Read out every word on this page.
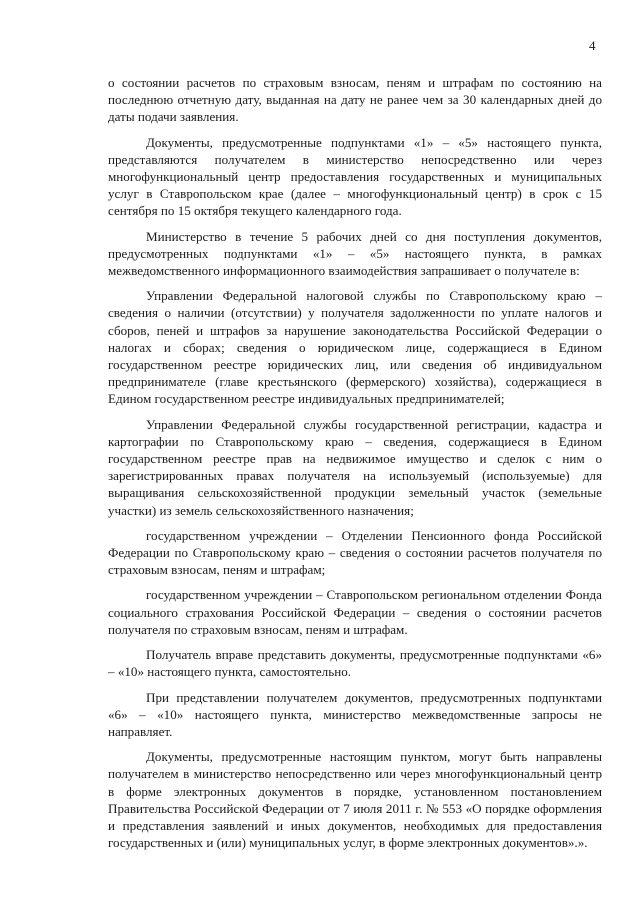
4

о состоянии расчетов по страховым взносам, пеням и штрафам по состоянию на последнюю отчетную дату, выданная на дату не ранее чем за 30 календарных дней до даты подачи заявления.

Документы, предусмотренные подпунктами «1» – «5» настоящего пункта, представляются получателем в министерство непосредственно или через многофункциональный центр предоставления государственных и муниципальных услуг в Ставропольском крае (далее – многофункциональный центр) в срок с 15 сентября по 15 октября текущего календарного года.

Министерство в течение 5 рабочих дней со дня поступления документов, предусмотренных подпунктами «1» – «5» настоящего пункта, в рамках межведомственного информационного взаимодействия запрашивает о получателе в:

Управлении Федеральной налоговой службы по Ставропольскому краю – сведения о наличии (отсутствии) у получателя задолженности по уплате налогов и сборов, пеней и штрафов за нарушение законодательства Российской Федерации о налогах и сборах; сведения о юридическом лице, содержащиеся в Едином государственном реестре юридических лиц, или сведения об индивидуальном предпринимателе (главе крестьянского (фермерского) хозяйства), содержащиеся в Едином государственном реестре индивидуальных предпринимателей;

Управлении Федеральной службы государственной регистрации, кадастра и картографии по Ставропольскому краю – сведения, содержащиеся в Едином государственном реестре прав на недвижимое имущество и сделок с ним о зарегистрированных правах получателя на используемый (используемые) для выращивания сельскохозяйственной продукции земельный участок (земельные участки) из земель сельскохозяйственного назначения;

государственном учреждении – Отделении Пенсионного фонда Российской Федерации по Ставропольскому краю – сведения о состоянии расчетов получателя по страховым взносам, пеням и штрафам;

государственном учреждении – Ставропольском региональном отделении Фонда социального страхования Российской Федерации – сведения о состоянии расчетов получателя по страховым взносам, пеням и штрафам.

Получатель вправе представить документы, предусмотренные подпунктами «6» – «10» настоящего пункта, самостоятельно.

При представлении получателем документов, предусмотренных подпунктами «6» – «10» настоящего пункта, министерство межведомственные запросы не направляет.

Документы, предусмотренные настоящим пунктом, могут быть направлены получателем в министерство непосредственно или через многофункциональный центр в форме электронных документов в порядке, установленном постановлением Правительства Российской Федерации от 7 июля 2011 г. № 553 «О порядке оформления и представления заявлений и иных документов, необходимых для предоставления государственных и (или) муниципальных услуг, в форме электронных документов».».
